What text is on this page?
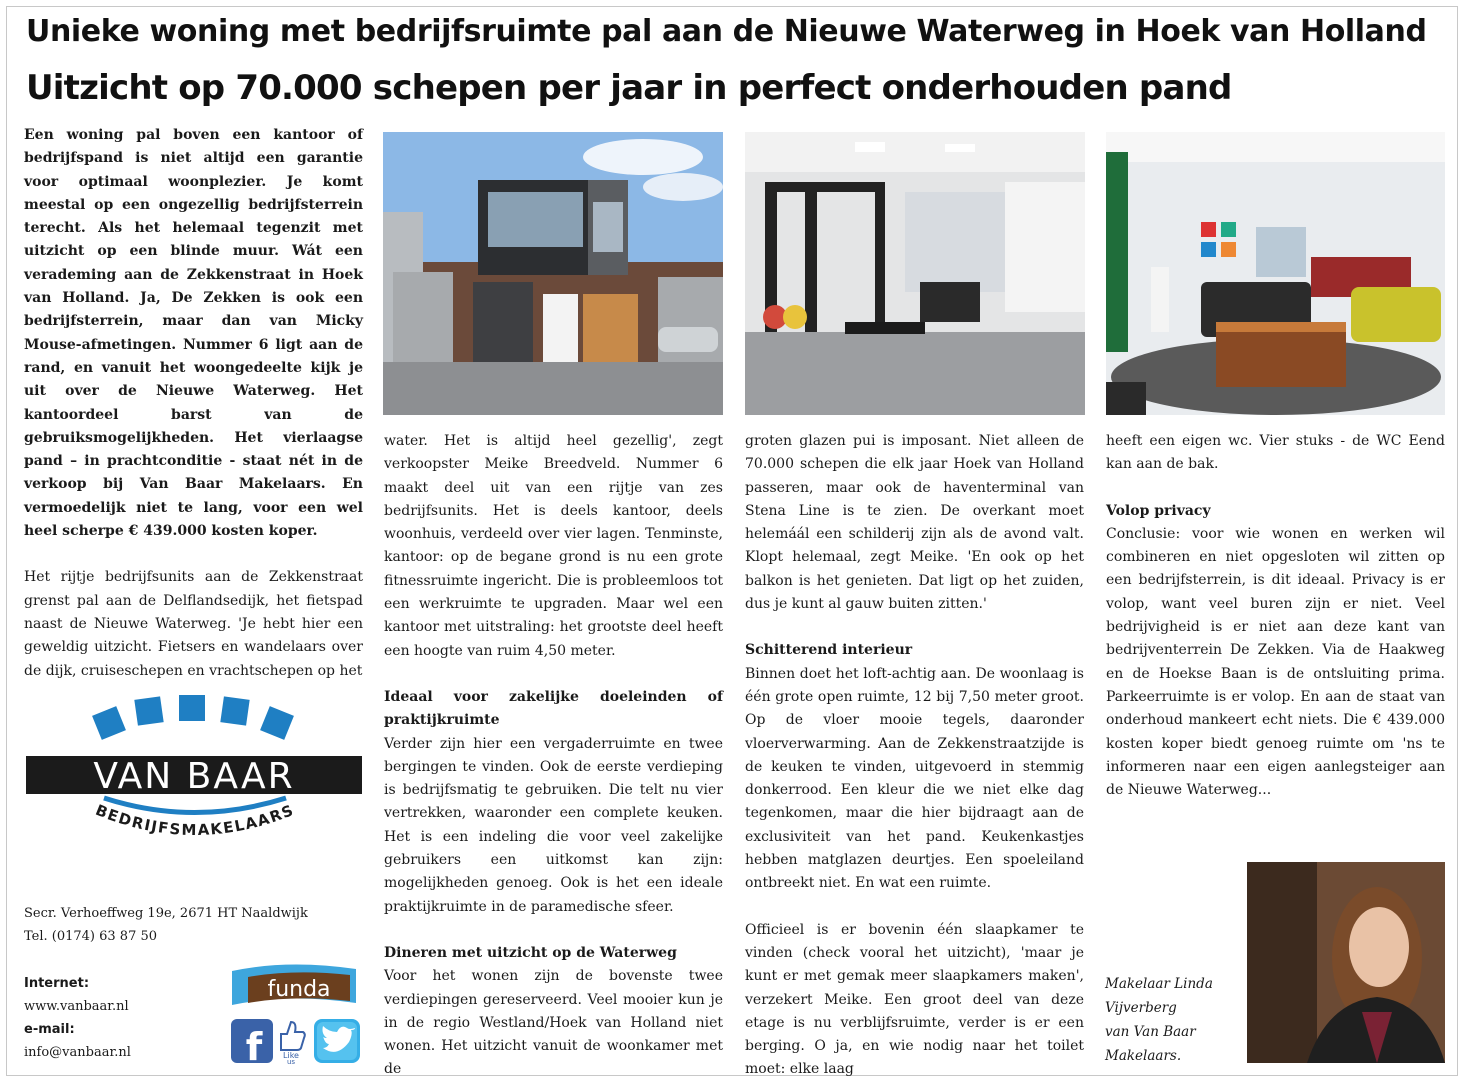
Unieke woning met bedrijfsruimte pal aan de Nieuwe Waterweg in Hoek van Holland
Uitzicht op 70.000 schepen per jaar in perfect onderhouden pand

Een woning pal boven een kantoor of bedrijfspand is niet altijd een garantie voor optimaal woonplezier. Je komt meestal op een ongezellig bedrijfsterrein terecht. Als het helemaal tegenzit met uitzicht op een blinde muur. Wát een verademing aan de Zekkenstraat in Hoek van Holland. Ja, De Zekken is ook een bedrijfsterrein, maar dan van Micky Mouse-afmetingen. Nummer 6 ligt aan de rand, en vanuit het woongedeelte kijk je uit over de Nieuwe Waterweg. Het kantoordeel barst van de gebruiksmogelijkheden. Het vierlaagse pand – in prachtconditie - staat nét in de verkoop bij Van Baar Makelaars. En vermoedelijk niet te lang, voor een wel heel scherpe € 439.000 kosten koper.

Het rijtje bedrijfsunits aan de Zekkenstraat grenst pal aan de Delflandsedijk, het fietspad naast de Nieuwe Waterweg. 'Je hebt hier een geweldig uitzicht. Fietsers en wandelaars over de dijk, cruiseschepen en vrachtschepen op het

VAN BAAR
BEDRIJFSMAKELAARS
Secr. Verhoeffweg 19e, 2671 HT Naaldwijk
Tel. (0174) 63 87 50
Internet:
www.vanbaar.nl
e-mail:
info@vanbaar.nl
funda
f	Like
us

water. Het is altijd heel gezellig', zegt verkoopster Meike Breedveld. Nummer 6 maakt deel uit van een rijtje van zes bedrijfsunits. Het is deels kantoor, deels woonhuis, verdeeld over vier lagen. Tenminste, kantoor: op de begane grond is nu een grote fitnessruimte ingericht. Die is probleemloos tot een werkruimte te upgraden. Maar wel een kantoor met uitstraling: het grootste deel heeft een hoogte van ruim 4,50 meter.

Ideaal voor zakelijke doeleinden of praktijkruimte

Verder zijn hier een vergaderruimte en twee bergingen te vinden. Ook de eerste verdieping is bedrijfsmatig te gebruiken. Die telt nu vier vertrekken, waaronder een complete keuken. Het is een indeling die voor veel zakelijke gebruikers een uitkomst kan zijn: mogelijkheden genoeg. Ook is het een ideale praktijkruimte in de paramedische sfeer.

Dineren met uitzicht op de Waterweg

Voor het wonen zijn de bovenste twee verdiepingen gereserveerd. Veel mooier kun je in de regio Westland/Hoek van Holland niet wonen. Het uitzicht vanuit de woonkamer met de

groten glazen pui is imposant. Niet alleen de 70.000 schepen die elk jaar Hoek van Holland passeren, maar ook de haventerminal van Stena Line is te zien. De overkant moet helemáál een schilderij zijn als de avond valt. Klopt helemaal, zegt Meike. 'En ook op het balkon is het genieten. Dat ligt op het zuiden, dus je kunt al gauw buiten zitten.'

Schitterend interieur

Binnen doet het loft-achtig aan. De woonlaag is één grote open ruimte, 12 bij 7,50 meter groot. Op de vloer mooie tegels, daaronder vloerverwarming. Aan de Zekkenstraatzijde is de keuken te vinden, uitgevoerd in stemmig donkerrood. Een kleur die we niet elke dag tegenkomen, maar die hier bijdraagt aan de exclusiviteit van het pand. Keukenkastjes hebben matglazen deurtjes. Een spoeleiland ontbreekt niet. En wat een ruimte.

Officieel is er bovenin één slaapkamer te vinden (check vooral het uitzicht), 'maar je kunt er met gemak meer slaapkamers maken', verzekert Meike. Een groot deel van deze etage is nu verblijfsruimte, verder is er een berging. O ja, en wie nodig naar het toilet moet: elke laag

heeft een eigen wc. Vier stuks - de WC Eend kan aan de bak.

Volop privacy

Conclusie: voor wie wonen en werken wil combineren en niet opgesloten wil zitten op een bedrijfsterrein, is dit ideaal. Privacy is er volop, want veel buren zijn er niet. Veel bedrijvigheid is er niet aan deze kant van bedrijventerrein De Zekken. Via de Haakweg en de Hoekse Baan is de ontsluiting prima. Parkeerruimte is er volop. En aan de staat van onderhoud mankeert echt niets. Die € 439.000 kosten koper biedt genoeg ruimte om 'ns te informeren naar een eigen aanlegsteiger aan de Nieuwe Waterweg...

Makelaar Linda
Vijverberg
van Van Baar
Makelaars.
